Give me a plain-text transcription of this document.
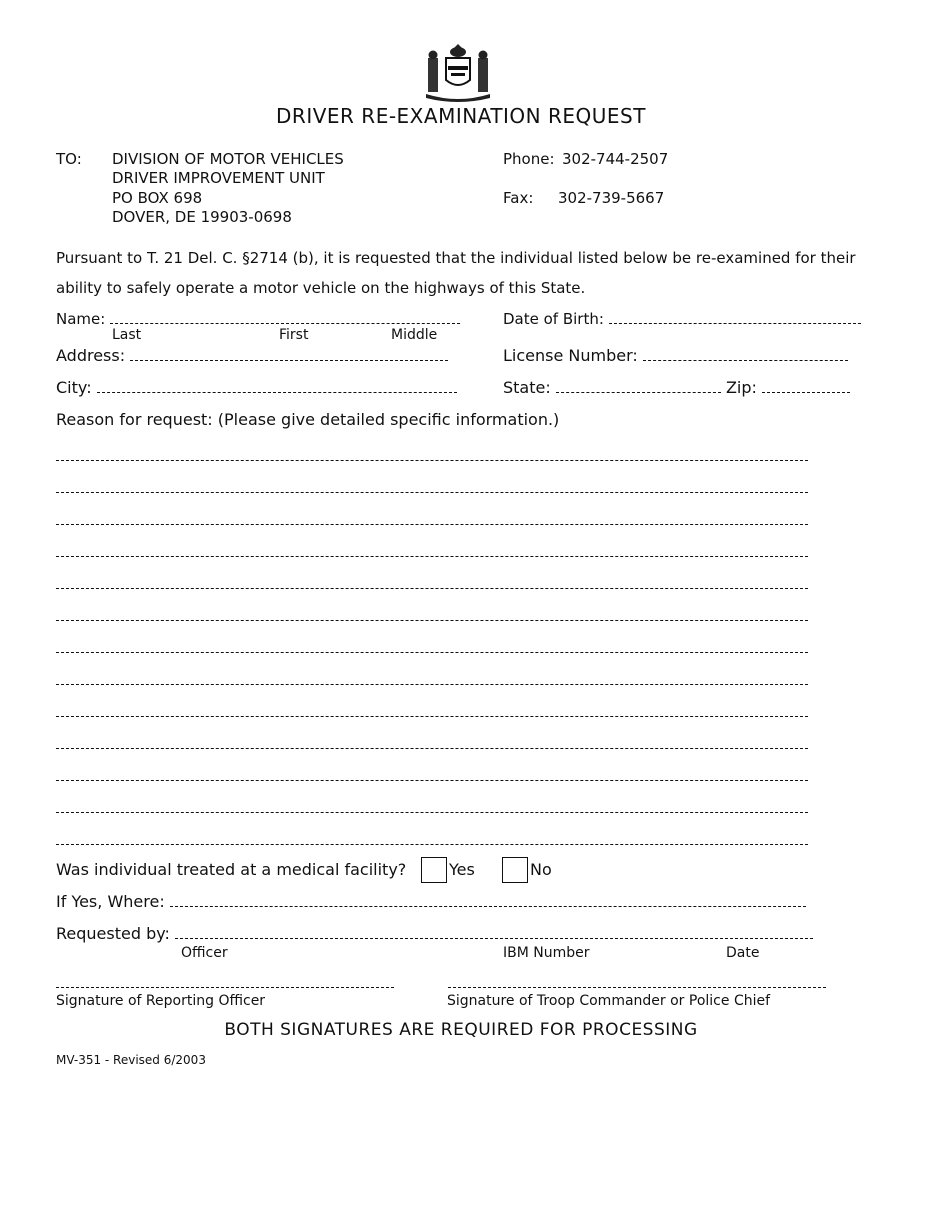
DRIVER RE-EXAMINATION REQUEST
TO: DIVISION OF MOTOR VEHICLES
DRIVER IMPROVEMENT UNIT
PO BOX 698
DOVER, DE 19903-0698
Phone: 302-744-2507
Fax: 302-739-5667
Pursuant to T. 21 Del. C. §2714 (b), it is requested that the individual listed below be re-examined for their
ability to safely operate a motor vehicle on the highways of this State.
Name:
Last	First	Middle
Date of Birth:
Address:	License Number:
City:	State:	Zip:
Reason for request: (Please give detailed specific information.)
Was individual treated at a medical facility?	Yes	No
If Yes, Where:
Requested by:
Officer	IBM Number	Date
Signature of Reporting Officer	Signature of Troop Commander or Police Chief
BOTH SIGNATURES ARE REQUIRED FOR PROCESSING
MV-351 - Revised 6/2003
